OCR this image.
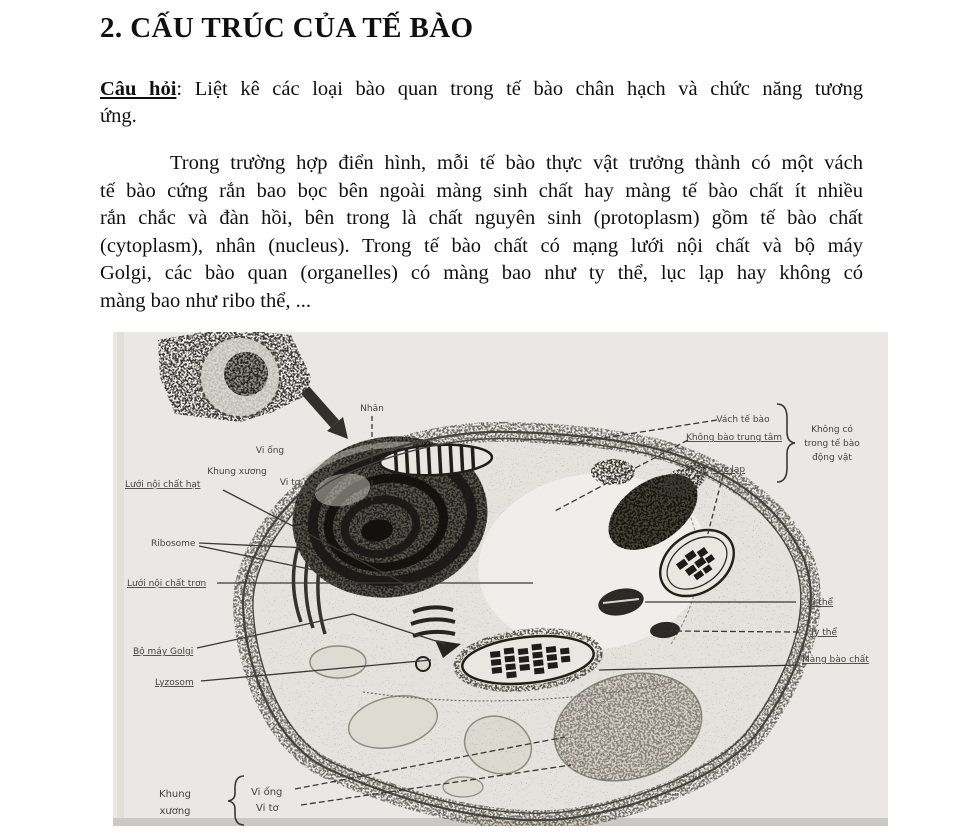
2. CẤU TRÚC CỦA TẾ BÀO
Câu hỏi: Liệt kê các loại bào quan trong tế bào chân hạch và chức năng tương
ứng.
Trong trường hợp điển hình, mỗi tế bào thực vật trưởng thành có một vách
tế bào cứng rắn bao bọc bên ngoài màng sinh chất hay màng tế bào chất ít nhiều
rắn chắc và đàn hồi, bên trong là chất nguyên sinh (protoplasm) gồm tế bào chất
(cytoplasm), nhân (nucleus). Trong tế bào chất có mạng lưới nội chất và bộ máy
Golgi, các bào quan (organelles) có màng bao như ty thể, lục lạp hay không có
màng bao như ribo thể, ...
Nhân
Vi ống
Khung xương
Vi tơ
Lưới nội chất hạt
Ribosome
Lưới nội chất trơn
Bộ máy Golgi
Lyzosom
Vách tế bào
Không bào trung tâm
Lục lạp
Không có
trong tế bào
động vật
Vi thể
Ty thể
Màng bào chất
Khung
xương
Vi ống
Vi tơ
